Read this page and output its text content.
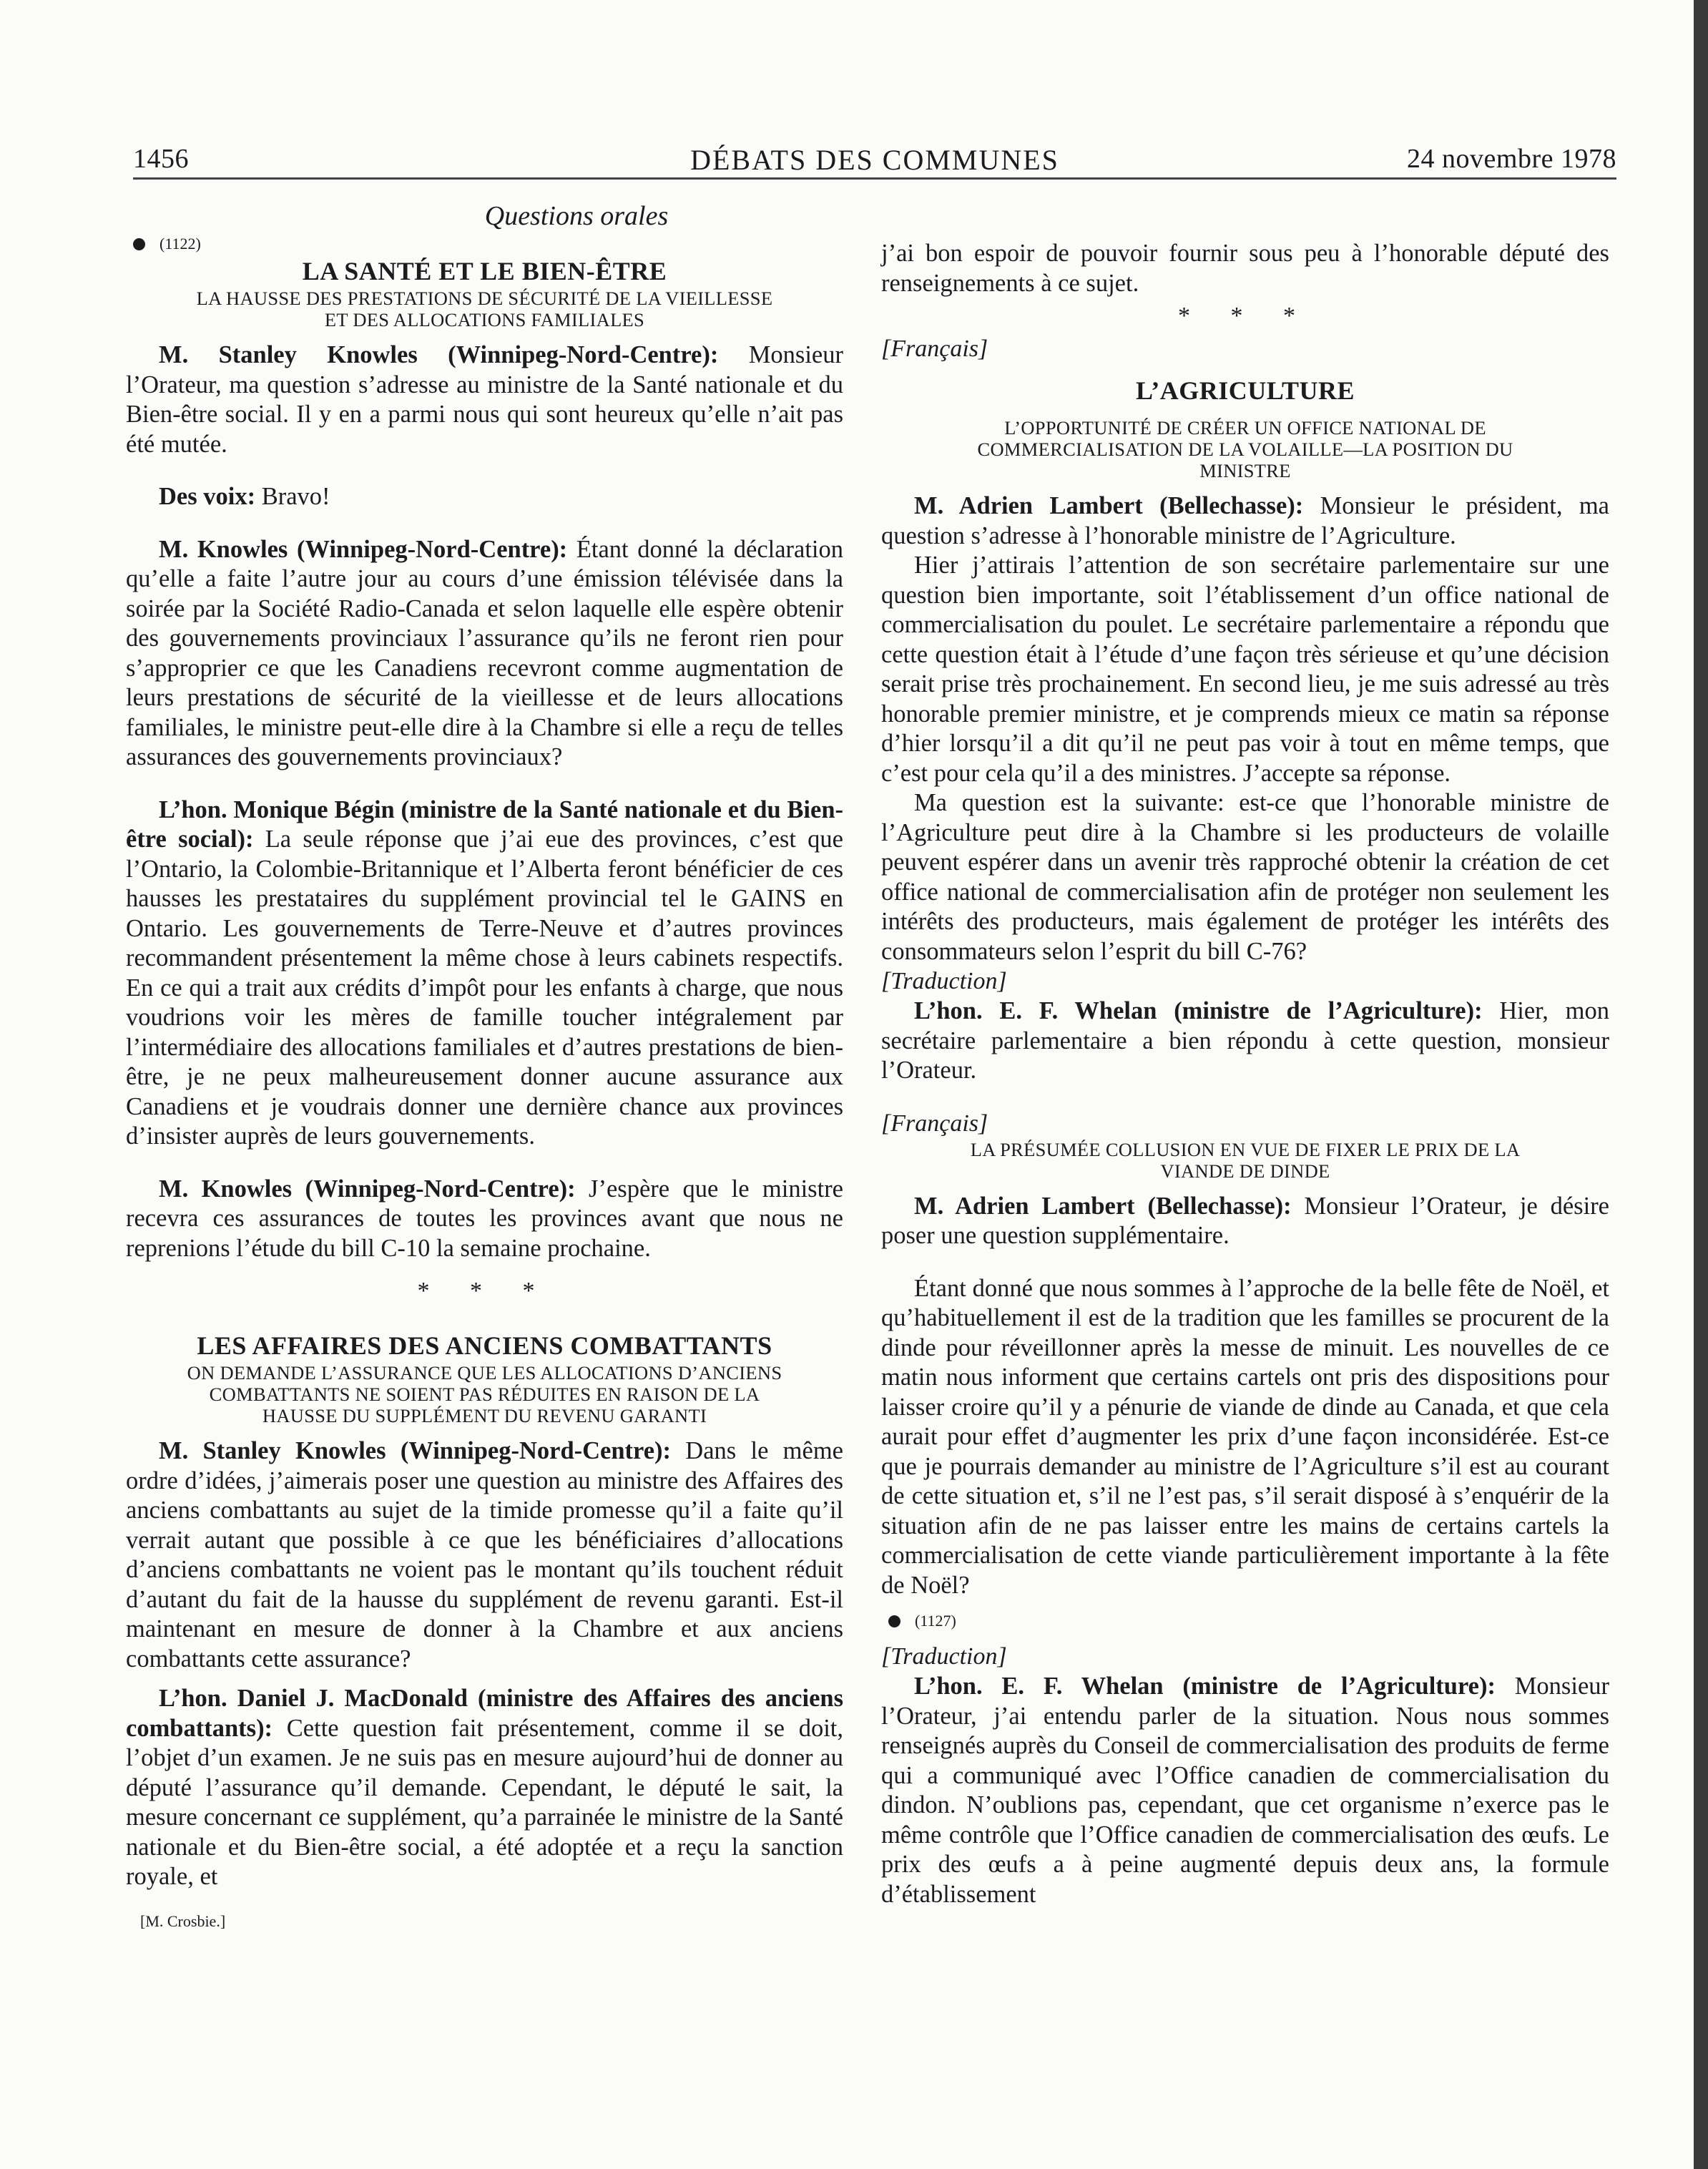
1456	DÉBATS DES COMMUNES	24 novembre 1978
Questions orales
(1122)
LA SANTÉ ET LE BIEN-ÊTRE
LA HAUSSE DES PRESTATIONS DE SÉCURITÉ DE LA VIEILLESSE
ET DES ALLOCATIONS FAMILIALES

M. Stanley Knowles (Winnipeg-Nord-Centre): Monsieur l’Orateur, ma question s’adresse au ministre de la Santé nationale et du Bien-être social. Il y en a parmi nous qui sont heureux qu’elle n’ait pas été mutée.

Des voix: Bravo!

M. Knowles (Winnipeg-Nord-Centre): Étant donné la déclaration qu’elle a faite l’autre jour au cours d’une émission télévisée dans la soirée par la Société Radio-Canada et selon laquelle elle espère obtenir des gouvernements provinciaux l’assurance qu’ils ne feront rien pour s’approprier ce que les Canadiens recevront comme augmentation de leurs prestations de sécurité de la vieillesse et de leurs allocations familiales, le ministre peut-elle dire à la Chambre si elle a reçu de telles assurances des gouvernements provinciaux?

L’hon. Monique Bégin (ministre de la Santé nationale et du Bien-être social): La seule réponse que j’ai eue des provinces, c’est que l’Ontario, la Colombie-Britannique et l’Alberta feront bénéficier de ces hausses les prestataires du supplément provincial tel le GAINS en Ontario. Les gouvernements de Terre-Neuve et d’autres provinces recommandent présentement la même chose à leurs cabinets respectifs. En ce qui a trait aux crédits d’impôt pour les enfants à charge, que nous voudrions voir les mères de famille toucher intégralement par l’intermédiaire des allocations familiales et d’autres prestations de bien-être, je ne peux malheureusement donner aucune assurance aux Canadiens et je voudrais donner une dernière chance aux provinces d’insister auprès de leurs gouvernements.

M. Knowles (Winnipeg-Nord-Centre): J’espère que le ministre recevra ces assurances de toutes les provinces avant que nous ne reprenions l’étude du bill C-10 la semaine prochaine.

* * *
LES AFFAIRES DES ANCIENS COMBATTANTS
ON DEMANDE L’ASSURANCE QUE LES ALLOCATIONS D’ANCIENS
COMBATTANTS NE SOIENT PAS RÉDUITES EN RAISON DE LA
HAUSSE DU SUPPLÉMENT DU REVENU GARANTI

M. Stanley Knowles (Winnipeg-Nord-Centre): Dans le même ordre d’idées, j’aimerais poser une question au ministre des Affaires des anciens combattants au sujet de la timide promesse qu’il a faite qu’il verrait autant que possible à ce que les bénéficiaires d’allocations d’anciens combattants ne voient pas le montant qu’ils touchent réduit d’autant du fait de la hausse du supplément de revenu garanti. Est-il maintenant en mesure de donner à la Chambre et aux anciens combattants cette assurance?

L’hon. Daniel J. MacDonald (ministre des Affaires des anciens combattants): Cette question fait présentement, comme il se doit, l’objet d’un examen. Je ne suis pas en mesure aujourd’hui de donner au député l’assurance qu’il demande. Cependant, le député le sait, la mesure concernant ce supplément, qu’a parrainée le ministre de la Santé nationale et du Bien-être social, a été adoptée et a reçu la sanction royale, et

[M. Crosbie.]

j’ai bon espoir de pouvoir fournir sous peu à l’honorable député des renseignements à ce sujet.

* * *
[Français]
L’AGRICULTURE
L’OPPORTUNITÉ DE CRÉER UN OFFICE NATIONAL DE
COMMERCIALISATION DE LA VOLAILLE—LA POSITION DU
MINISTRE

M. Adrien Lambert (Bellechasse): Monsieur le président, ma question s’adresse à l’honorable ministre de l’Agriculture.

Hier j’attirais l’attention de son secrétaire parlementaire sur une question bien importante, soit l’établissement d’un office national de commercialisation du poulet. Le secrétaire parlementaire a répondu que cette question était à l’étude d’une façon très sérieuse et qu’une décision serait prise très prochainement. En second lieu, je me suis adressé au très honorable premier ministre, et je comprends mieux ce matin sa réponse d’hier lorsqu’il a dit qu’il ne peut pas voir à tout en même temps, que c’est pour cela qu’il a des ministres. J’accepte sa réponse.

Ma question est la suivante: est-ce que l’honorable ministre de l’Agriculture peut dire à la Chambre si les producteurs de volaille peuvent espérer dans un avenir très rapproché obtenir la création de cet office national de commercialisation afin de protéger non seulement les intérêts des producteurs, mais également de protéger les intérêts des consommateurs selon l’esprit du bill C-76?

[Traduction]

L’hon. E. F. Whelan (ministre de l’Agriculture): Hier, mon secrétaire parlementaire a bien répondu à cette question, monsieur l’Orateur.

[Français]
LA PRÉSUMÉE COLLUSION EN VUE DE FIXER LE PRIX DE LA
VIANDE DE DINDE

M. Adrien Lambert (Bellechasse): Monsieur l’Orateur, je désire poser une question supplémentaire.

Étant donné que nous sommes à l’approche de la belle fête de Noël, et qu’habituellement il est de la tradition que les familles se procurent de la dinde pour réveillonner après la messe de minuit. Les nouvelles de ce matin nous informent que certains cartels ont pris des dispositions pour laisser croire qu’il y a pénurie de viande de dinde au Canada, et que cela aurait pour effet d’augmenter les prix d’une façon inconsidérée. Est-ce que je pourrais demander au ministre de l’Agriculture s’il est au courant de cette situation et, s’il ne l’est pas, s’il serait disposé à s’enquérir de la situation afin de ne pas laisser entre les mains de certains cartels la commercialisation de cette viande particulièrement importante à la fête de Noël?

(1127)
[Traduction]

L’hon. E. F. Whelan (ministre de l’Agriculture): Monsieur l’Orateur, j’ai entendu parler de la situation. Nous nous sommes renseignés auprès du Conseil de commercialisation des produits de ferme qui a communiqué avec l’Office canadien de commercialisation du dindon. N’oublions pas, cependant, que cet organisme n’exerce pas le même contrôle que l’Office canadien de commercialisation des œufs. Le prix des œufs a à peine augmenté depuis deux ans, la formule d’établissement
